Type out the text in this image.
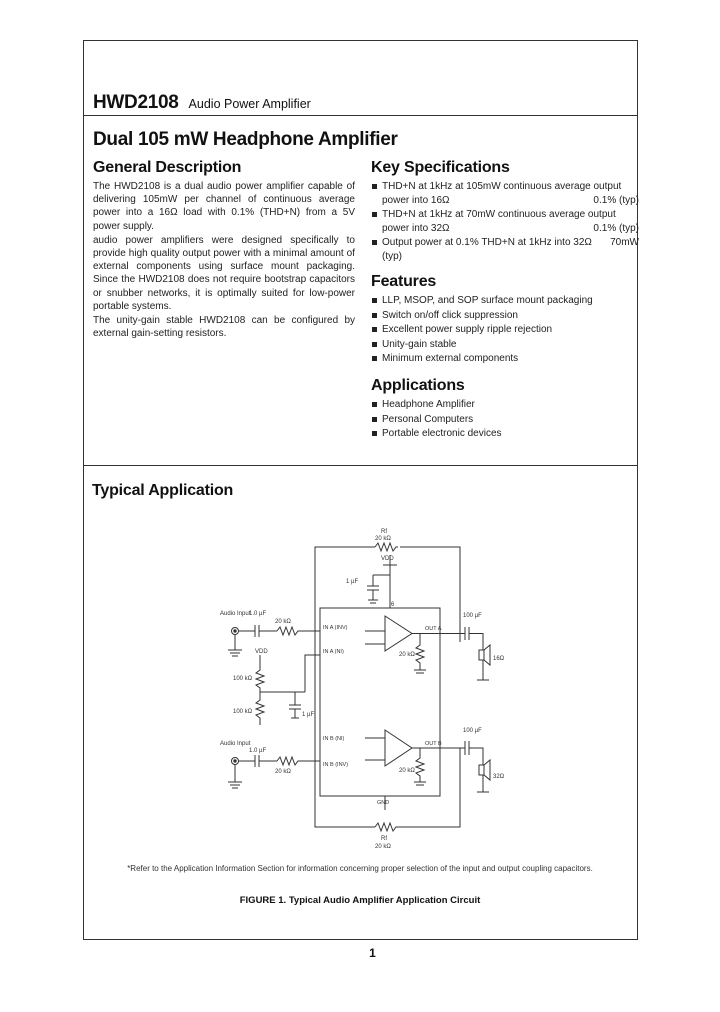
HWD2108 Audio Power Amplifier
Dual 105 mW Headphone Amplifier
General Description

The HWD2108 is a dual audio power amplifier capable of delivering 105mW per channel of continuous average power into a 16Ω load with 0.1% (THD+N) from a 5V power supply.

audio power amplifiers were designed specifically to provide high quality output power with a minimal amount of external components using surface mount packaging. Since the HWD2108 does not require bootstrap capacitors or snubber networks, it is optimally suited for low-power portable systems.

The unity-gain stable HWD2108 can be configured by external gain-setting resistors.

Key Specifications
THD+N at 1kHz at 105mW continuous average output
power into 16Ω	0.1% (typ)
THD+N at 1kHz at 70mW continuous average output
power into 32Ω	0.1% (typ)
Output power at 0.1% THD+N at 1kHz into 32Ω 70mW
(typ)
Features
LLP, MSOP, and SOP surface mount packaging
Switch on/off click suppression
Excellent power supply ripple rejection
Unity-gain stable
Minimum external components
Applications
Headphone Amplifier
Personal Computers
Portable electronic devices
Typical Application
Rf
20 kΩ
VDD
1 µF
6
Audio Input
1.0 µF
20 kΩ
IN A (INV)
IN A (NI)
OUT A
20 kΩ
100 µF
16Ω
VDD
100 kΩ
100 kΩ	1 µF
Audio Input
1.0 µF
20 kΩ
IN B (NI)
IN B (INV)
OUT B
20 kΩ
100 µF
32Ω
GND
Rf
20 kΩ
*Refer to the Application Information Section for information concerning proper selection of the input and output coupling capacitors.
FIGURE 1. Typical Audio Amplifier Application Circuit
1
